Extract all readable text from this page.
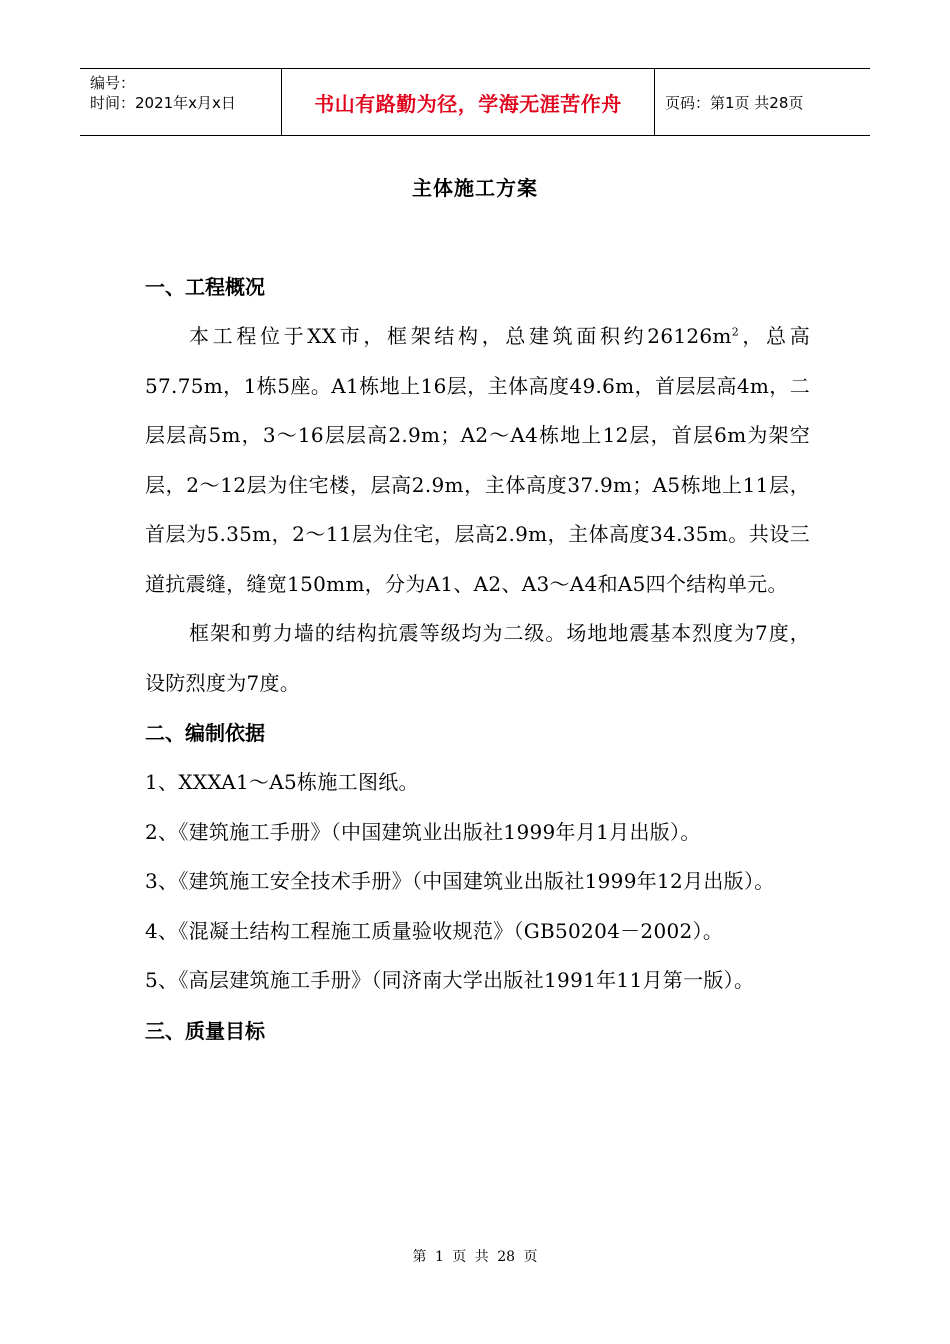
编号：
时间：2021年x月x日	书山有路勤为径，学海无涯苦作舟	页码：第1页 共28页
主体施工方案
一、工程概况

本工程位于XX市，框架结构，总建筑面积约$26126m^2$，总高57.75m，1栋5座。A1栋地上16层，主体高度49.6m，首层层高4m，二层层高5m，3～16层层高2.9m；A2～A4栋地上12层，首层6m为架空层，2～12层为住宅楼，层高2.9m，主体高度37.9m；A5栋地上11层，首层为5.35m，2～11层为住宅，层高2.9m，主体高度34.35m。共设三道抗震缝，缝宽150mm，分为A1、A2、A3～A4和A5四个结构单元。

框架和剪力墙的结构抗震等级均为二级。场地地震基本烈度为7度，设防烈度为7度。

二、编制依据

1、XXXA1～A5栋施工图纸。

2、《建筑施工手册》（中国建筑业出版社1999年月1月出版）。

3、《建筑施工安全技术手册》（中国建筑业出版社1999年12月出版）。

4、《混凝土结构工程施工质量验收规范》（GB50204－2002）。

5、《高层建筑施工手册》（同济南大学出版社1991年11月第一版）。

三、质量目标
第 1 页 共 28 页
